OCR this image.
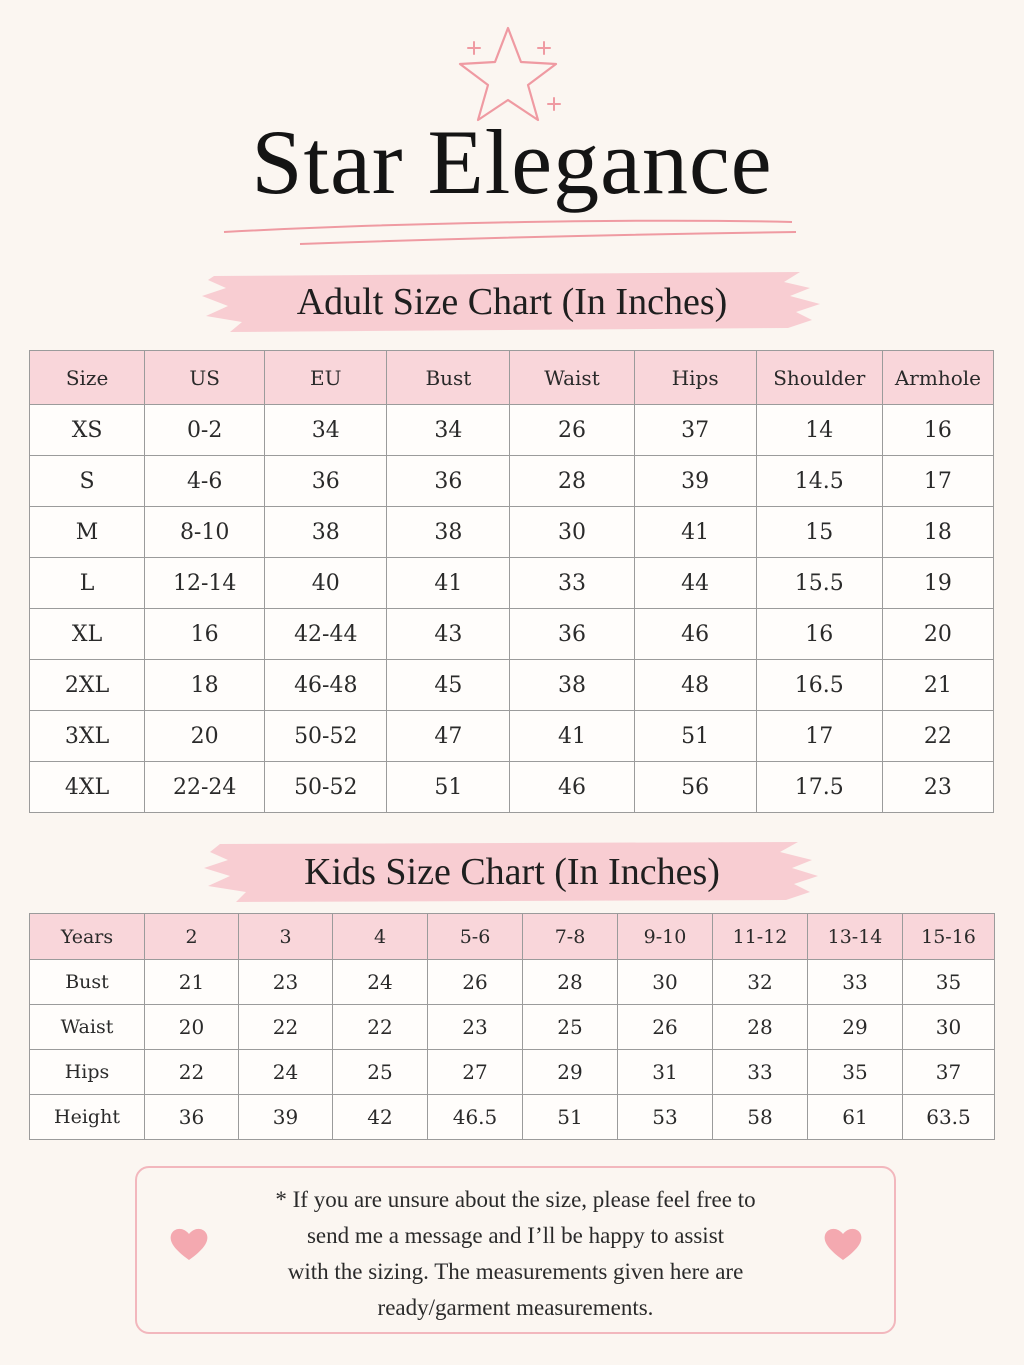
Star Elegance
Adult Size Chart (In Inches)
Size	US	EU	Bust	Waist	Hips	Shoulder	Armhole
XS	0-2	34	34	26	37	14	16
S	4-6	36	36	28	39	14.5	17
M	8-10	38	38	30	41	15	18
L	12-14	40	41	33	44	15.5	19
XL	16	42-44	43	36	46	16	20
2XL	18	46-48	45	38	48	16.5	21
3XL	20	50-52	47	41	51	17	22
4XL	22-24	50-52	51	46	56	17.5	23
Kids Size Chart (In Inches)
Years	2	3	4	5-6	7-8	9-10	11-12	13-14	15-16
Bust	21	23	24	26	28	30	32	33	35
Waist	20	22	22	23	25	26	28	29	30
Hips	22	24	25	27	29	31	33	35	37
Height	36	39	42	46.5	51	53	58	61	63.5
* If you are unsure about the size, please feel free to
send me a message and I’ll be happy to assist
with the sizing. The measurements given here are
ready/garment measurements.
